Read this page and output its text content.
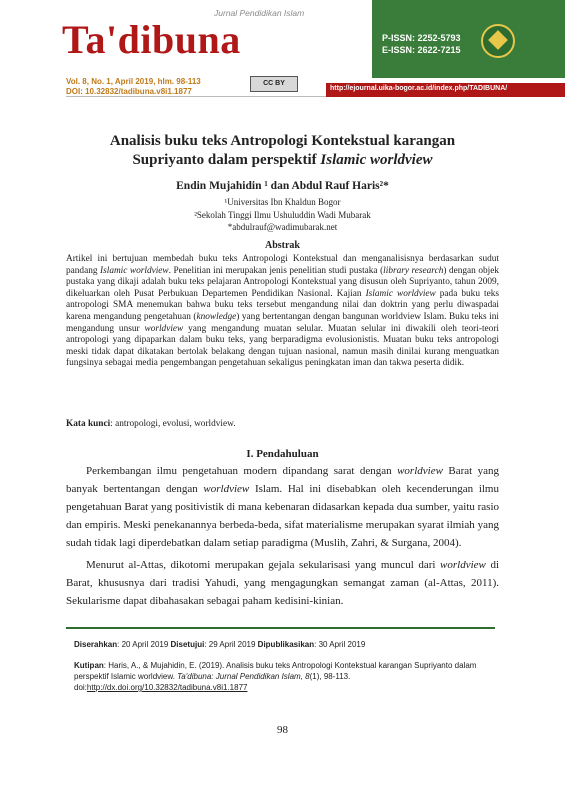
Jurnal Pendidikan Islam
Ta'dibuna	P-ISSN: 2252-5793
E-ISSN: 2622-7215
Vol. 8, No. 1, April 2019, hlm. 98-113
DOI: 10.32832/tadibuna.v8i1.1877
CC BY
http://ejournal.uika-bogor.ac.id/index.php/TADIBUNA/
Analisis buku teks Antropologi Kontekstual karangan
Supriyanto dalam perspektif Islamic worldview
Endin Mujahidin ¹ dan Abdul Rauf Haris²*
¹Universitas Ibn Khaldun Bogor
²Sekolah Tinggi Ilmu Ushuluddin Wadi Mubarak
*abdulrauf@wadimubarak.net
Abstrak
Artikel ini bertujuan membedah buku teks Antropologi Kontekstual dan menganalisisnya berdasarkan sudut pandang Islamic worldview. Penelitian ini merupakan jenis penelitian studi pustaka (library research) dengan objek pustaka yang dikaji adalah buku teks pelajaran Antropologi Kontekstual yang disusun oleh Supriyanto, tahun 2009, dikeluarkan oleh Pusat Perbukuan Departemen Pendidikan Nasional. Kajian Islamic worldview pada buku teks antropologi SMA menemukan bahwa buku teks tersebut mengandung nilai dan doktrin yang perlu diwaspadai karena mengandung pengetahuan (knowledge) yang bertentangan dengan bangunan worldview Islam. Buku teks ini mengandung unsur worldview yang mengandung muatan selular. Muatan selular ini diwakili oleh teori-teori antropologi yang dipaparkan dalam buku teks, yang berparadigma evolusionistis. Muatan buku teks antropologi meski tidak dapat dikatakan bertolak belakang dengan tujuan nasional, namun masih dinilai kurang menguatkan fungsinya sebagai media pengembangan pengetahuan sekaligus peningkatan iman dan takwa peserta didik.
Kata kunci: antropologi, evolusi, worldview.
I. Pendahuluan
Perkembangan ilmu pengetahuan modern dipandang sarat dengan worldview Barat yang banyak bertentangan dengan worldview Islam. Hal ini disebabkan oleh kecenderungan ilmu pengetahuan Barat yang positivistik di mana kebenaran didasarkan kepada dua sumber, yaitu rasio dan empiris. Meski penekanannya berbeda-beda, sifat materialisme merupakan syarat ilmiah yang sudah tidak lagi diperdebatkan dalam setiap paradigma (Muslih, Zahri, & Surgana, 2004).
Menurut al-Attas, dikotomi merupakan gejala sekularisasi yang muncul dari worldview di Barat, khususnya dari tradisi Yahudi, yang mengagungkan semangat zaman (al-Attas, 2011). Sekularisme dapat dibahasakan sebagai paham kedisini-kinian.
Diserahkan: 20 April 2019 Disetujui: 29 April 2019 Dipublikasikan: 30 April 2019
Kutipan: Haris, A., & Mujahidin, E. (2019). Analisis buku teks Antropologi Kontekstual karangan Supriyanto dalam perspektif Islamic worldview. Ta'dibuna: Jurnal Pendidikan Islam, 8(1), 98-113.
doi:http://dx.doi.org/10.32832/tadibuna.v8i1.1877
98
